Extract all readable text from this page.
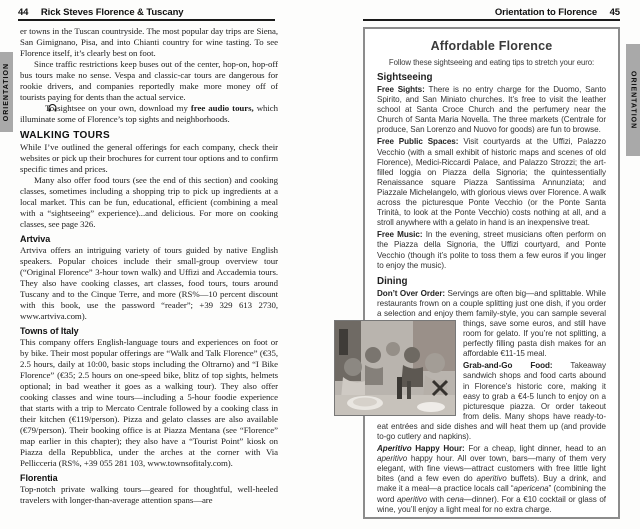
ORIENTATION	ORIENTATION
44 Rick Steves Florence & Tuscany	Orientation to Florence 45

er towns in the Tuscan countryside. The most popular day trips are Siena, San Gimignano, Pisa, and into Chianti country for wine tasting. To see Florence itself, it’s clearly best on foot.

Since traffic restrictions keep buses out of the center, hop-on, hop-off bus tours make no sense. Vespa and classic-car tours are dangerous for rookie drivers, and companies reportedly make more money off of tourists paying for dents than the actual service.

To sightsee on your own, download my free audio tours, which illuminate some of Florence’s top sights and neighborhoods.

WALKING TOURS

While I’ve outlined the general offerings for each company, check their websites or pick up their brochures for current tour options and to confirm specific times and prices.

Many also offer food tours (see the end of this section) and cooking classes, sometimes including a shopping trip to pick up ingredients at a local market. This can be fun, educational, efficient (combining a meal with a “sightseeing” experience)...and delicious. For more on cooking classes, see page 326.

Artviva

Artviva offers an intriguing variety of tours guided by native English speakers. Popular choices include their small-group overview tour (“Original Florence” 3-hour town walk) and Uffizi and Accademia tours. They also have cooking classes, art classes, food tours, tours around Tuscany and to the Cinque Terre, and more (RS%—10 percent discount with this book, use the password “reader”; +39 329 613 2730, www.artviva.com).

Towns of Italy

This company offers English-language tours and experiences on foot or by bike. Their most popular offerings are “Walk and Talk Florence” (€35, 2.5 hours, daily at 10:00, basic stops including the Oltrarno) and “I Bike Florence” (€35; 2.5 hours on one-speed bike, blitz of top sights, helmets optional; in bad weather it goes as a walking tour). They also offer cooking classes and wine tours—including a 5-hour foodie experience that starts with a trip to Mercato Centrale followed by a cooking class in their kitchen (€119/person). Pizza and gelato classes are also available (€79/person). Their booking office is at Piazza Mentana (see “Florence” map earlier in this chapter); they also have a “Tourist Point” kiosk on Piazza della Repubblica, under the arches at the corner with Via Pellicceria (RS%, +39 055 281 103, www.townsofitaly.com).

Florentia

Top-notch private walking tours—geared for thoughtful, well-heeled travelers with longer-than-average attention spans—are

Affordable Florence
Follow these sightseeing and eating tips to stretch your euro:
Sightseeing

Free Sights: There is no entry charge for the Duomo, Santo Spirito, and San Miniato churches. It’s free to visit the leather school at Santa Croce Church and the perfumery near the Church of Santa Maria Novella. The three markets (Centrale for produce, San Lorenzo and Nuovo for goods) are fun to browse.

Free Public Spaces: Visit courtyards at the Uffizi, Palazzo Vecchio (with a small exhibit of historic maps and scenes of old Florence), Medici-Riccardi Palace, and Palazzo Strozzi; the art-filled loggia on Piazza della Signoria; the quintessentially Renaissance square Piazza Santissima Annunziata; and Piazzale Michelangelo, with glorious views over Florence. A walk across the picturesque Ponte Vecchio (or the Ponte Santa Trinità, to look at the Ponte Vecchio) costs nothing at all, and a stroll anywhere with a gelato in hand is an inexpensive treat.

Free Music: In the evening, street musicians often perform on the Piazza della Signoria, the Uffizi courtyard, and Ponte Vecchio (though it’s polite to toss them a few euros if you linger to enjoy the music).

Dining

Don’t Over Order: Servings are often big—and splittable. While restaurants frown on a couple splitting just one dish, if you order a selection and enjoy them family-style, you can
sample several things, save some euros, and still have room for gelato. If you’re not splitting, a perfectly filling pasta dish makes for an affordable €11-15 meal.

Grab-and-Go Food: Takeaway sandwich shops and food carts abound in Florence’s historic core, making it easy to grab a €4-5 lunch to enjoy on a picturesque piazza. Or order takeout from delis. Many shops have ready-to-eat entrées and side dishes and will heat them up (and provide to-go cutlery and napkins).

Aperitivo Happy Hour: For a cheap, light dinner, head to an aperitivo happy hour. All over town, bars—many of them very elegant, with fine views—attract customers with free little light bites (and a few even do aperitivo buffets). Buy a drink, and make it a meal—a practice locals call “apericena” (combining the word aperitivo with cena—dinner). For a €10 cocktail or glass of wine, you’ll enjoy a light meal for no extra charge.
